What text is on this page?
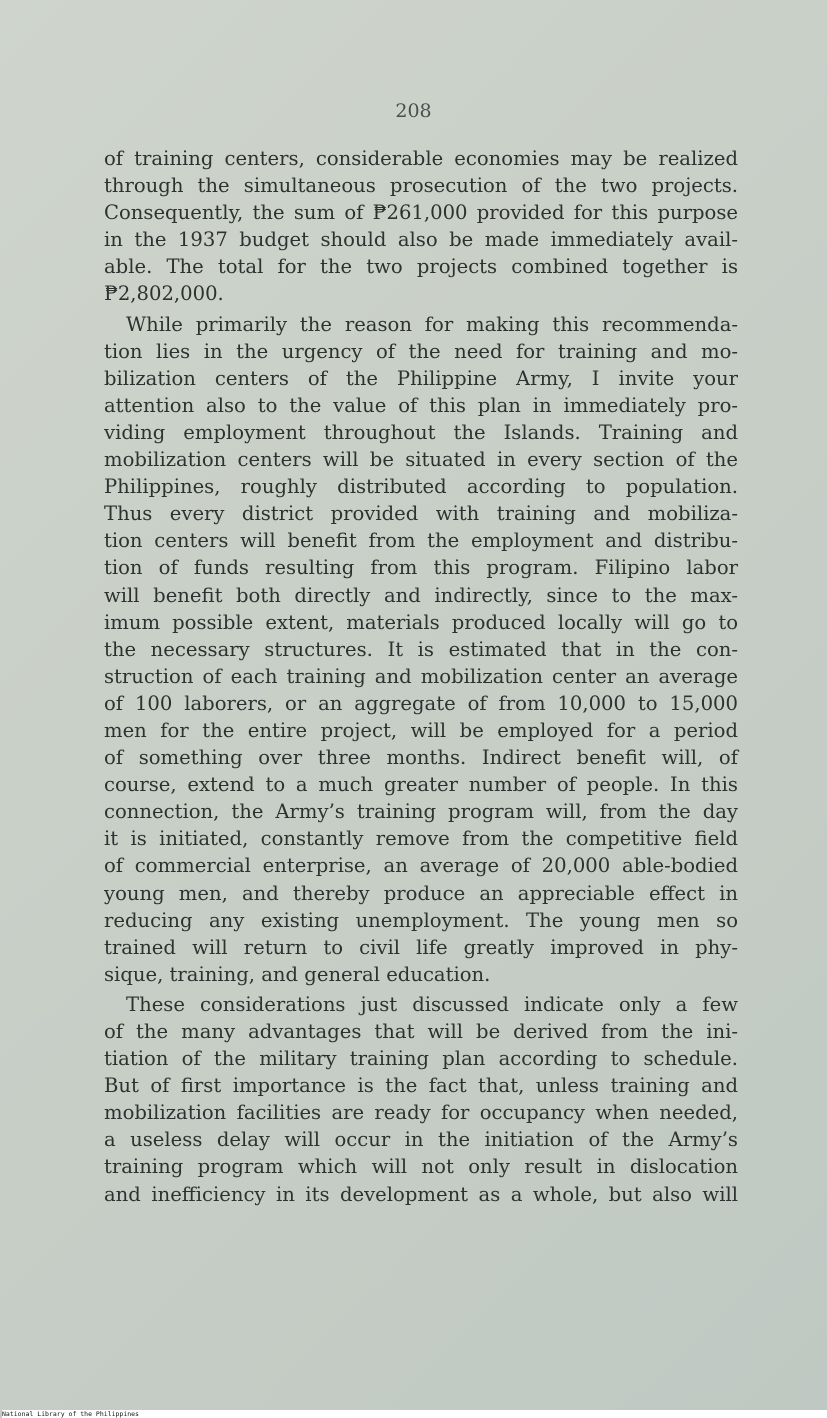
208
of training centers, considerable economies may be realized
through the simultaneous prosecution of the two projects.
Consequently, the sum of ₱261,000 provided for this purpose
in the 1937 budget should also be made immediately avail-
able. The total for the two projects combined together is
₱2,802,000.
While primarily the reason for making this recommenda-
tion lies in the urgency of the need for training and mo-
bilization centers of the Philippine Army, I invite your
attention also to the value of this plan in immediately pro-
viding employment throughout the Islands. Training and
mobilization centers will be situated in every section of the
Philippines, roughly distributed according to population.
Thus every district provided with training and mobiliza-
tion centers will benefit from the employment and distribu-
tion of funds resulting from this program. Filipino labor
will benefit both directly and indirectly, since to the max-
imum possible extent, materials produced locally will go to
the necessary structures. It is estimated that in the con-
struction of each training and mobilization center an average
of 100 laborers, or an aggregate of from 10,000 to 15,000
men for the entire project, will be employed for a period
of something over three months. Indirect benefit will, of
course, extend to a much greater number of people. In this
connection, the Army’s training program will, from the day
it is initiated, constantly remove from the competitive field
of commercial enterprise, an average of 20,000 able-bodied
young men, and thereby produce an appreciable effect in
reducing any existing unemployment. The young men so
trained will return to civil life greatly improved in phy-
sique, training, and general education.
These considerations just discussed indicate only a few
of the many advantages that will be derived from the ini-
tiation of the military training plan according to schedule.
But of first importance is the fact that, unless training and
mobilization facilities are ready for occupancy when needed,
a useless delay will occur in the initiation of the Army’s
training program which will not only result in dislocation
and inefficiency in its development as a whole, but also will
National Library of the Philippines
